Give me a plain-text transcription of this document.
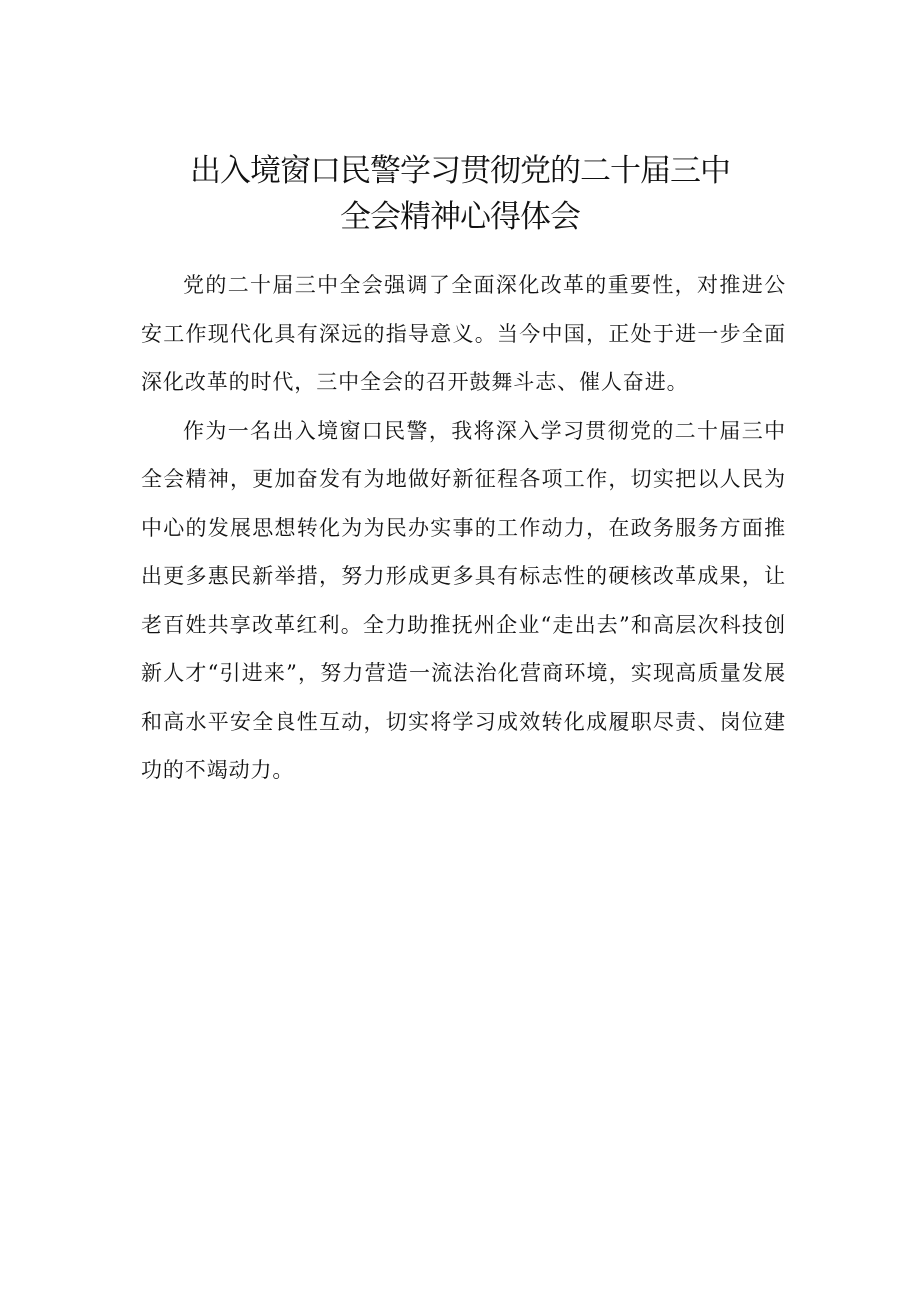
出入境窗口民警学习贯彻党的二十届三中
全会精神心得体会

党的二十届三中全会强调了全面深化改革的重要性，对推进公安工作现代化具有深远的指导意义。当今中国，正处于进一步全面深化改革的时代，三中全会的召开鼓舞斗志、催人奋进。

作为一名出入境窗口民警，我将深入学习贯彻党的二十届三中全会精神，更加奋发有为地做好新征程各项工作，切实把以人民为中心的发展思想转化为为民办实事的工作动力，在政务服务方面推出更多惠民新举措，努力形成更多具有标志性的硬核改革成果，让老百姓共享改革红利。全力助推抚州企业“走出去”和高层次科技创新人才“引进来”，努力营造一流法治化营商环境，实现高质量发展和高水平安全良性互动，切实将学习成效转化成履职尽责、岗位建功的不竭动力。
